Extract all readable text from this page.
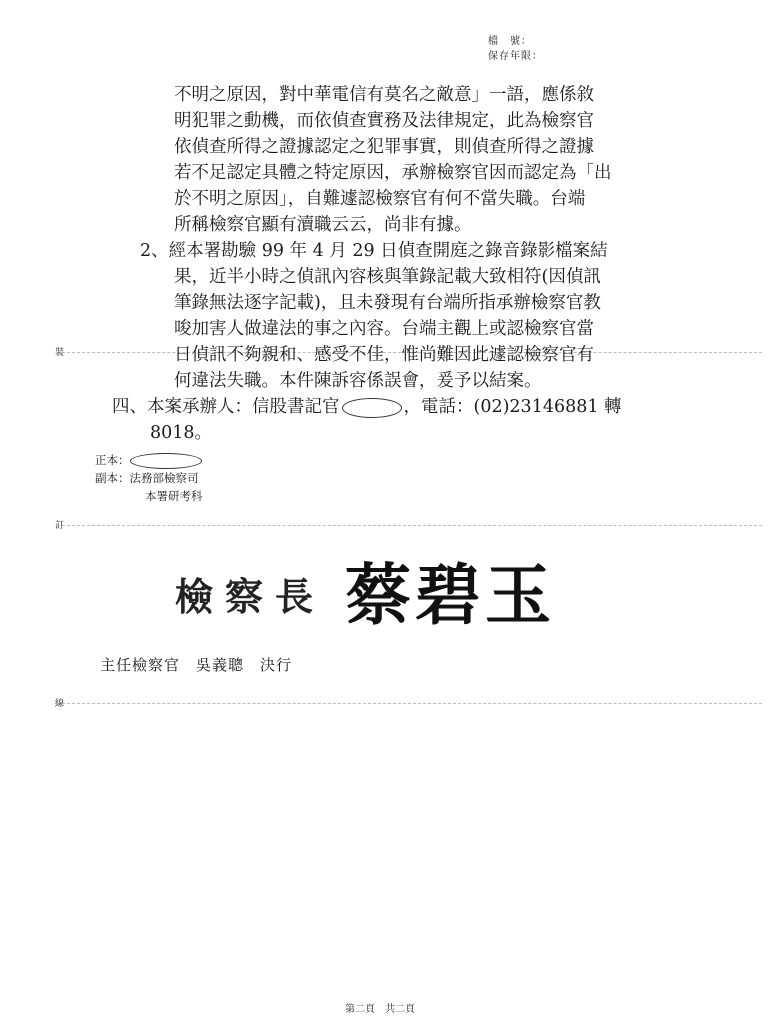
檔　號：
保存年限：
裝
訂
線
不明之原因，對中華電信有莫名之敵意」一語，應係敘
明犯罪之動機，而依偵查實務及法律規定，此為檢察官
依偵查所得之證據認定之犯罪事實，則偵查所得之證據
若不足認定具體之特定原因，承辦檢察官因而認定為「出
於不明之原因」，自難遽認檢察官有何不當失職。台端
所稱檢察官顯有瀆職云云，尚非有據。
2、經本署勘驗 99 年 4 月 29 日偵查開庭之錄音錄影檔案結
果，近半小時之偵訊內容核與筆錄記載大致相符(因偵訊
筆錄無法逐字記載)，且未發現有台端所指承辦檢察官教
唆加害人做違法的事之內容。台端主觀上或認檢察官當
日偵訊不夠親和、感受不佳，惟尚難因此遽認檢察官有
何違法失職。本件陳訴容係誤會，爰予以結案。
四、本案承辦人：信股書記官	，電話：(02)23146881 轉
8018。
正本：
副本：法務部檢察司
本署研考科
檢察長 蔡碧玉
主任檢察官　吳義聰　決行
第二頁　共二頁
